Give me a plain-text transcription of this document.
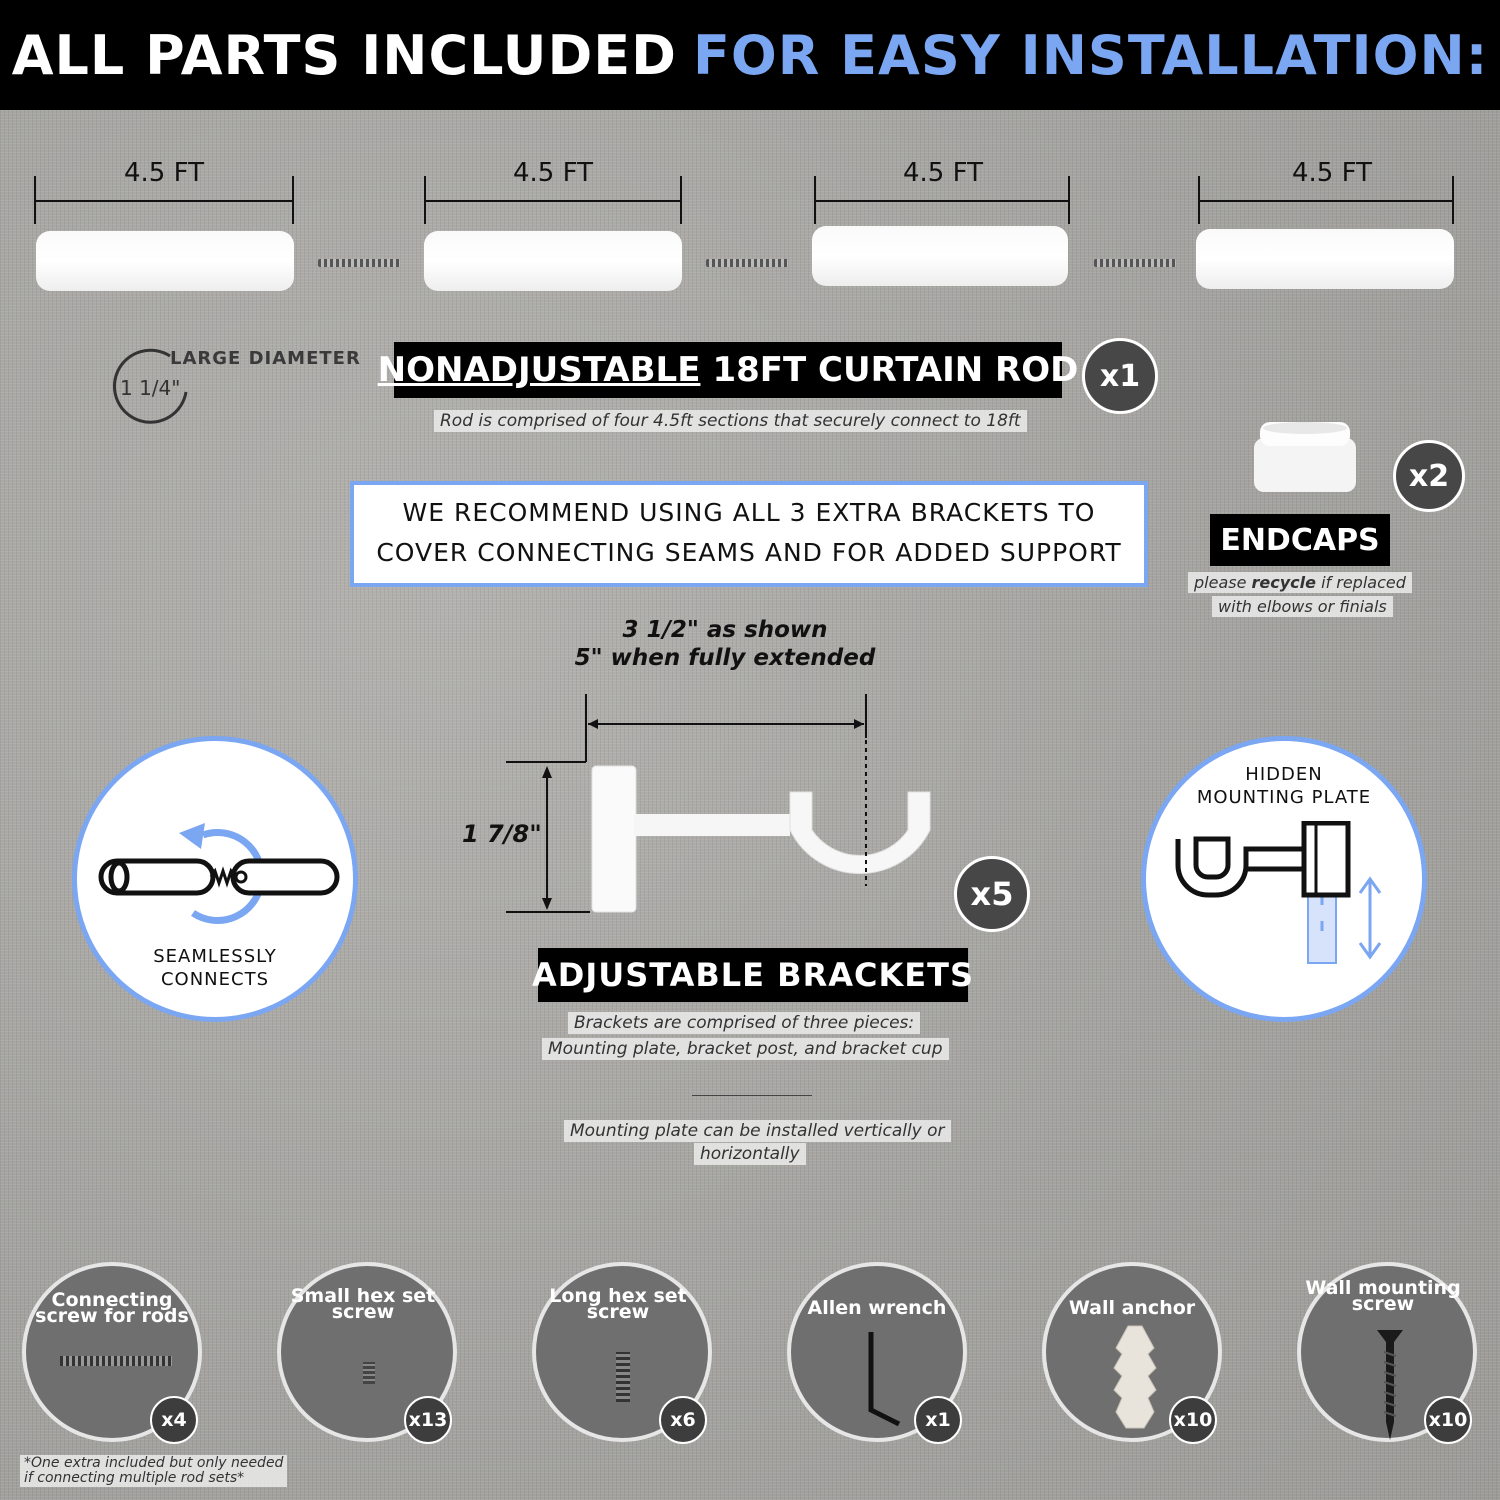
ALL PARTS INCLUDED FOR EASY INSTALLATION:
4.5 FT	4.5 FT	4.5 FT	4.5 FT
LARGE DIAMETER
1 1/4"	NONADJUSTABLE 18FT CURTAIN ROD x1
Rod is comprised of four 4.5ft sections that securely connect to 18ft
WE RECOMMEND USING ALL 3 EXTRA BRACKETS TO
COVER CONNECTING SEAMS AND FOR ADDED SUPPORT
x2
ENDCAPS
please recycle if replaced
with elbows or finials
3 1/2" as shown
5" when fully extended
1 7/8"
x5
ADJUSTABLE BRACKETS
Brackets are comprised of three pieces:
Mounting plate, bracket post, and bracket cup
Mounting plate can be installed vertically or
horizontally
SEAMLESSLY
CONNECTS
HIDDEN
MOUNTING PLATE
Connecting screw for rods
x4
Small hex set screw
x13
Long hex set screw
x6
Allen wrench
x1
Wall anchor
x10
Wall mounting screw
x10
*One extra included but only needed
if connecting multiple rod sets*
